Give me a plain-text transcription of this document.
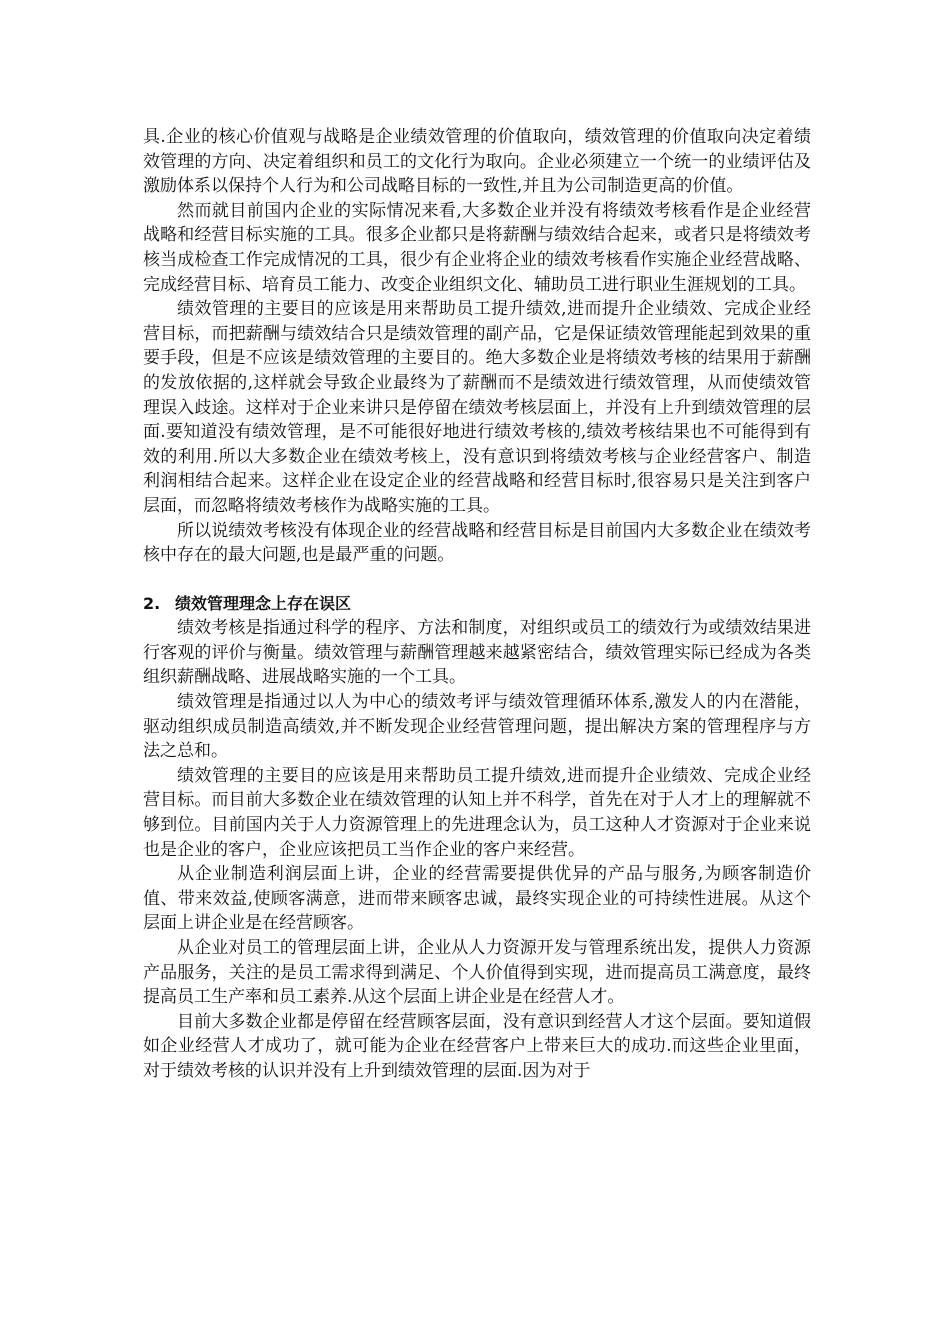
具.企业的核心价值观与战略是企业绩效管理的价值取向，绩效管理的价值取向决定着绩效管理的方向、决定着组织和员工的文化行为取向。企业必须建立一个统一的业绩评估及激励体系以保持个人行为和公司战略目标的一致性,并且为公司制造更高的价值。

然而就目前国内企业的实际情况来看,大多数企业并没有将绩效考核看作是企业经营战略和经营目标实施的工具。很多企业都只是将薪酬与绩效结合起来，或者只是将绩效考核当成检查工作完成情况的工具，很少有企业将企业的绩效考核看作实施企业经营战略、完成经营目标、培育员工能力、改变企业组织文化、辅助员工进行职业生涯规划的工具。

绩效管理的主要目的应该是用来帮助员工提升绩效,进而提升企业绩效、完成企业经营目标，而把薪酬与绩效结合只是绩效管理的副产品，它是保证绩效管理能起到效果的重要手段，但是不应该是绩效管理的主要目的。绝大多数企业是将绩效考核的结果用于薪酬的发放依据的,这样就会导致企业最终为了薪酬而不是绩效进行绩效管理，从而使绩效管理误入歧途。这样对于企业来讲只是停留在绩效考核层面上，并没有上升到绩效管理的层面.要知道没有绩效管理，是不可能很好地进行绩效考核的,绩效考核结果也不可能得到有效的利用.所以大多数企业在绩效考核上，没有意识到将绩效考核与企业经营客户、制造利润相结合起来。这样企业在设定企业的经营战略和经营目标时,很容易只是关注到客户层面，而忽略将绩效考核作为战略实施的工具。

所以说绩效考核没有体现企业的经营战略和经营目标是目前国内大多数企业在绩效考核中存在的最大问题,也是最严重的问题。

2. 绩效管理理念上存在误区

绩效考核是指通过科学的程序、方法和制度，对组织或员工的绩效行为或绩效结果进行客观的评价与衡量。绩效管理与薪酬管理越来越紧密结合，绩效管理实际已经成为各类组织薪酬战略、进展战略实施的一个工具。

绩效管理是指通过以人为中心的绩效考评与绩效管理循环体系,激发人的内在潜能，驱动组织成员制造高绩效,并不断发现企业经营管理问题，提出解决方案的管理程序与方法之总和。

绩效管理的主要目的应该是用来帮助员工提升绩效,进而提升企业绩效、完成企业经营目标。而目前大多数企业在绩效管理的认知上并不科学，首先在对于人才上的理解就不够到位。目前国内关于人力资源管理上的先进理念认为，员工这种人才资源对于企业来说也是企业的客户，企业应该把员工当作企业的客户来经营。

从企业制造利润层面上讲，企业的经营需要提供优异的产品与服务,为顾客制造价值、带来效益,使顾客满意，进而带来顾客忠诚，最终实现企业的可持续性进展。从这个层面上讲企业是在经营顾客。

从企业对员工的管理层面上讲，企业从人力资源开发与管理系统出发，提供人力资源产品服务，关注的是员工需求得到满足、个人价值得到实现，进而提高员工满意度，最终提高员工生产率和员工素养.从这个层面上讲企业是在经营人才。

目前大多数企业都是停留在经营顾客层面，没有意识到经营人才这个层面。要知道假如企业经营人才成功了，就可能为企业在经营客户上带来巨大的成功.而这些企业里面，对于绩效考核的认识并没有上升到绩效管理的层面.因为对于
